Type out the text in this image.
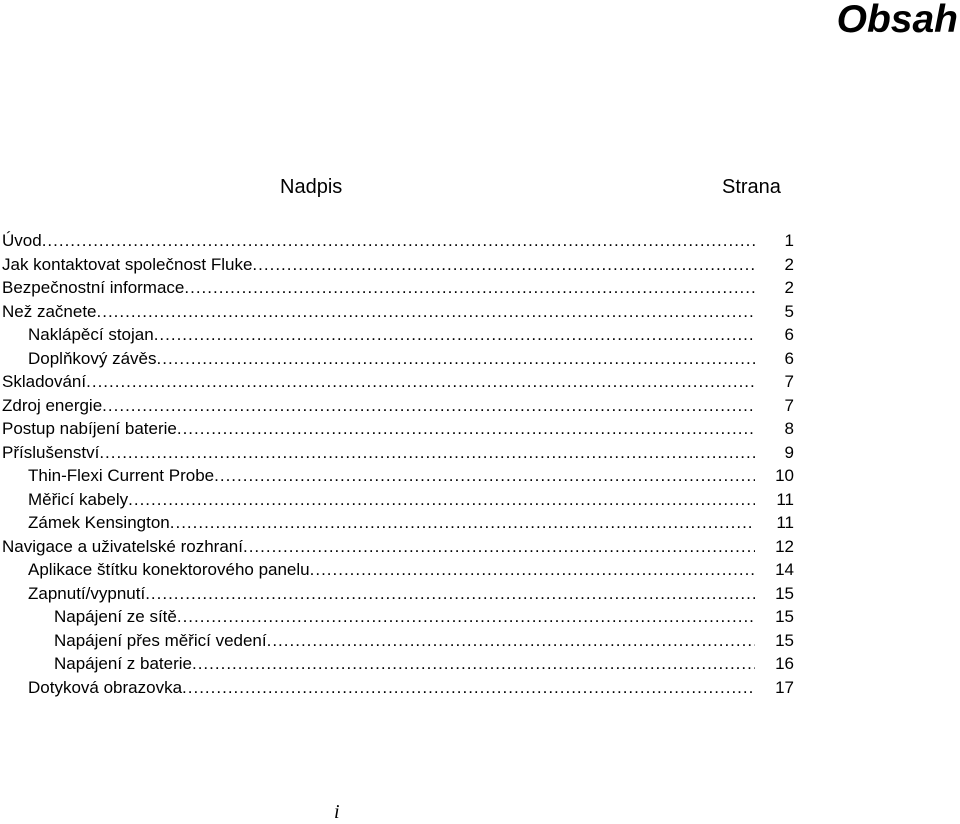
Obsah
Nadpis	Strana
Úvod .....	1
Jak kontaktovat společnost Fluke .....	2
Bezpečnostní informace .....	2
Než začnete .....	5
Naklápěcí stojan .....	6
Doplňkový závěs .....	6
Skladování .....	7
Zdroj energie .....	7
Postup nabíjení baterie .....	8
Příslušenství .....	9
Thin-Flexi Current Probe .....	10
Měřicí kabely .....	11
Zámek Kensington .....	11
Navigace a uživatelské rozhraní .....	12
Aplikace štítku konektorového panelu .....	14
Zapnutí/vypnutí .....	15
Napájení ze sítě .....	15
Napájení přes měřicí vedení .....	15
Napájení z baterie .....	16
Dotyková obrazovka .....	17
i
